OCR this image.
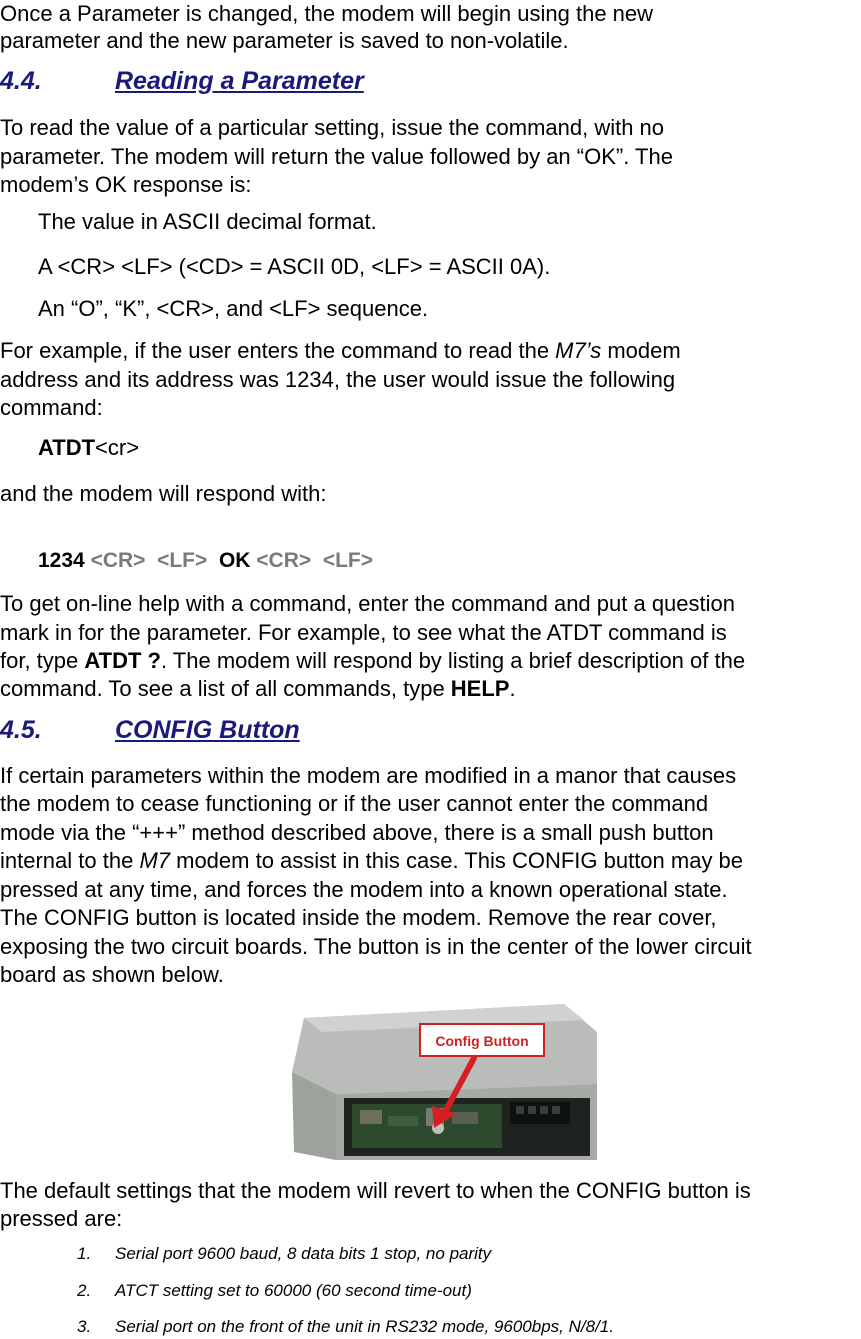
Once a Parameter is changed, the modem will begin using the new

parameter and the new parameter is saved to non-volatile.

4.4.	Reading a Parameter

To read the value of a particular setting, issue the command, with no

parameter. The modem will return the value followed by an “OK”. The

modem’s OK response is:

The value in ASCII decimal format.

A <CR> <LF> (<CD> = ASCII 0D, <LF> = ASCII 0A).

An “O”, “K”, <CR>, and <LF> sequence.

For example, if the user enters the command to read the M7’s modem

address and its address was 1234, the user would issue the following

command:

ATDT<cr>

and the modem will respond with:

1234 <CR> <LF> OK <CR> <LF>

To get on-line help with a command, enter the command and put a question

mark in for the parameter. For example, to see what the ATDT command is

for, type ATDT ?. The modem will respond by listing a brief description of the

command. To see a list of all commands, type HELP.

4.5.	CONFIG Button

If certain parameters within the modem are modified in a manor that causes

the modem to cease functioning or if the user cannot enter the command

mode via the “+++” method described above, there is a small push button

internal to the M7 modem to assist in this case. This CONFIG button may be

pressed at any time, and forces the modem into a known operational state.

The CONFIG button is located inside the modem. Remove the rear cover,

exposing the two circuit boards. The button is in the center of the lower circuit

board as shown below.

Config Button

The default settings that the modem will revert to when the CONFIG button is

pressed are:

1. Serial port 9600 baud, 8 data bits 1 stop, no parity
2. ATCT setting set to 60000 (60 second time-out)
3. Serial port on the front of the unit in RS232 mode, 9600bps, N/8/1.
